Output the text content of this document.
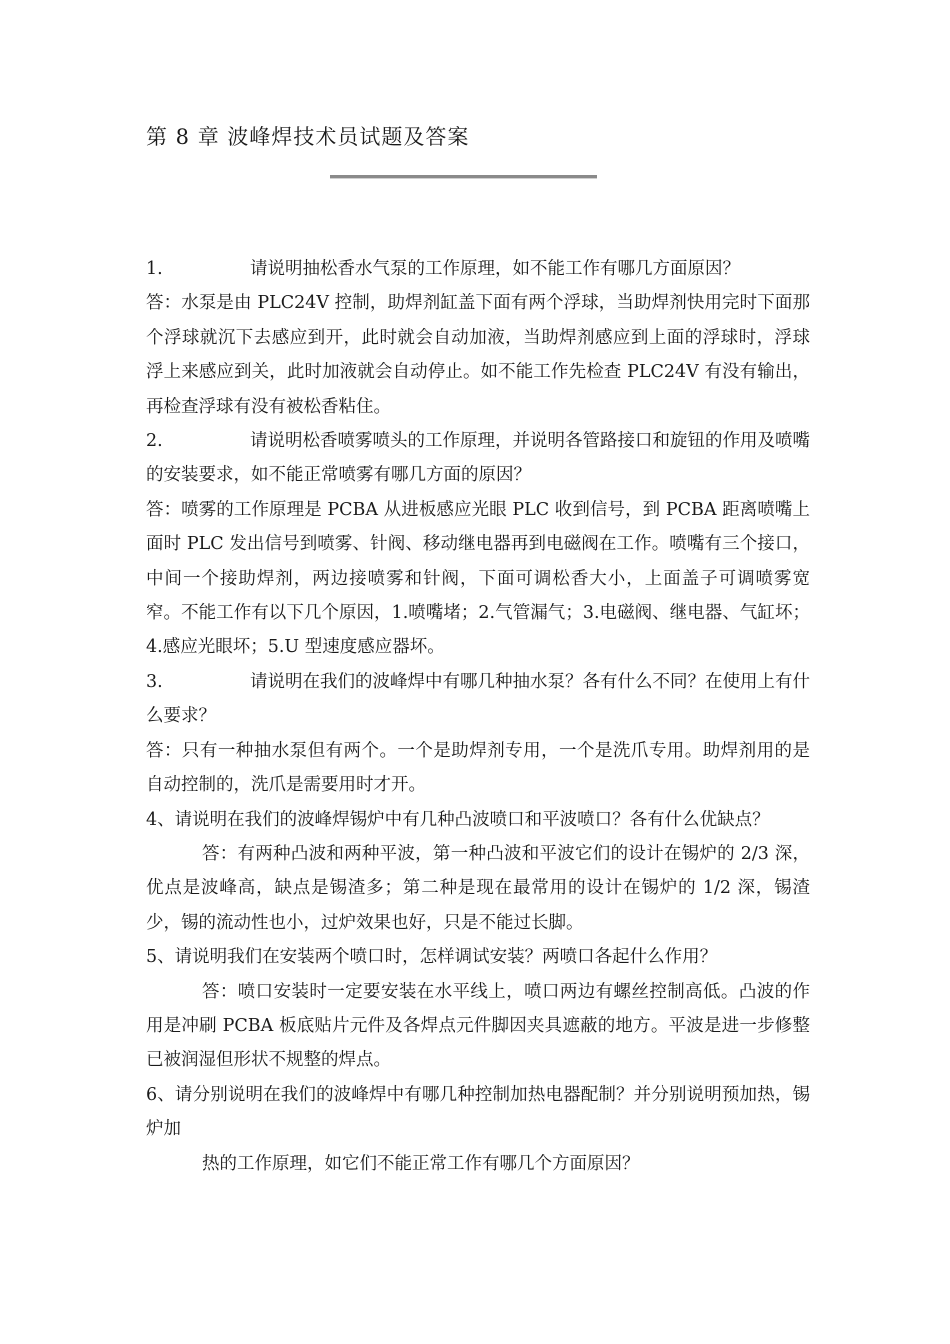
第 8 章 波峰焊技术员试题及答案

1.	请说明抽松香水气泵的工作原理，如不能工作有哪几方面原因？

答：水泵是由 PLC24V 控制，助焊剂缸盖下面有两个浮球，当助焊剂快用完时下面那个浮球就沉下去感应到开，此时就会自动加液，当助焊剂感应到上面的浮球时，浮球浮上来感应到关，此时加液就会自动停止。如不能工作先检查 PLC24V 有没有输出，再检查浮球有没有被松香粘住。

2.	请说明松香喷雾喷头的工作原理，并说明各管路接口和旋钮的作用及喷嘴的安装要求，如不能正常喷雾有哪几方面的原因？

答：喷雾的工作原理是 PCBA 从进板感应光眼 PLC 收到信号，到 PCBA 距离喷嘴上面时 PLC 发出信号到喷雾、针阀、移动继电器再到电磁阀在工作。喷嘴有三个接口，中间一个接助焊剂，两边接喷雾和针阀，下面可调松香大小，上面盖子可调喷雾宽窄。不能工作有以下几个原因，1.喷嘴堵；2.气管漏气；3.电磁阀、继电器、气缸坏；4.感应光眼坏；5.U 型速度感应器坏。

3.	请说明在我们的波峰焊中有哪几种抽水泵？各有什么不同？在使用上有什么要求？

答：只有一种抽水泵但有两个。一个是助焊剂专用，一个是洗爪专用。助焊剂用的是自动控制的，洗爪是需要用时才开。

4、请说明在我们的波峰焊锡炉中有几种凸波喷口和平波喷口？各有什么优缺点？

答：有两种凸波和两种平波，第一种凸波和平波它们的设计在锡炉的 2/3 深，优点是波峰高，缺点是锡渣多；第二种是现在最常用的设计在锡炉的 1/2 深，锡渣少，锡的流动性也小，过炉效果也好，只是不能过长脚。

5、请说明我们在安装两个喷口时，怎样调试安装？两喷口各起什么作用？

答：喷口安装时一定要安装在水平线上，喷口两边有螺丝控制高低。凸波的作用是冲刷 PCBA 板底贴片元件及各焊点元件脚因夹具遮蔽的地方。平波是进一步修整已被润湿但形状不规整的焊点。

6、请分别说明在我们的波峰焊中有哪几种控制加热电器配制？并分别说明预加热，锡炉加

热的工作原理，如它们不能正常工作有哪几个方面原因？
